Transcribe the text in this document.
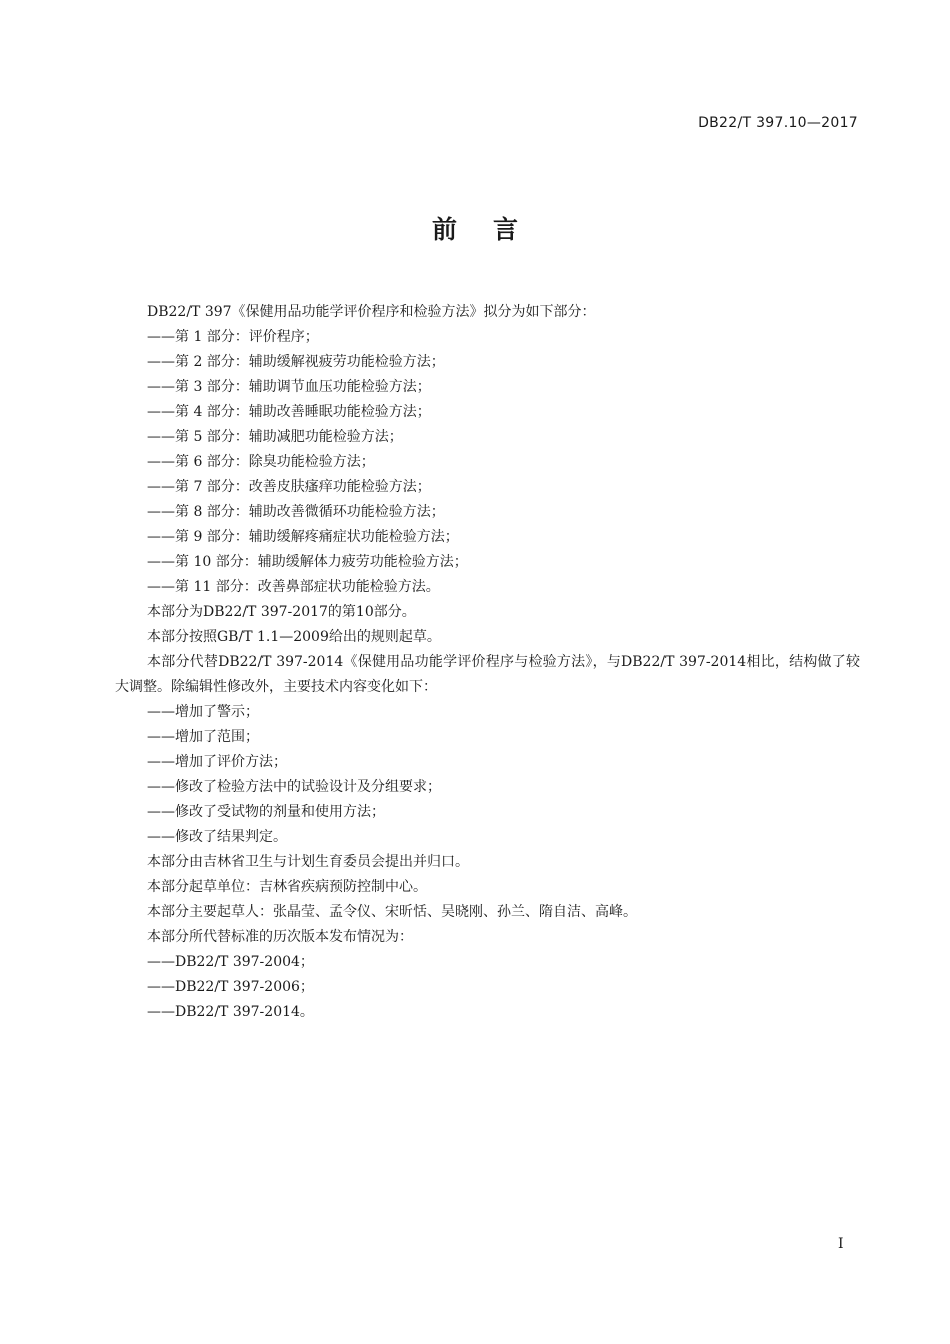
DB22/T 397.10—2017
前言

DB22/T 397《保健用品功能学评价程序和检验方法》拟分为如下部分：

——第 1 部分：评价程序；

——第 2 部分：辅助缓解视疲劳功能检验方法；

——第 3 部分：辅助调节血压功能检验方法；

——第 4 部分：辅助改善睡眠功能检验方法；

——第 5 部分：辅助减肥功能检验方法；

——第 6 部分：除臭功能检验方法；

——第 7 部分：改善皮肤瘙痒功能检验方法；

——第 8 部分：辅助改善微循环功能检验方法；

——第 9 部分：辅助缓解疼痛症状功能检验方法；

——第 10 部分：辅助缓解体力疲劳功能检验方法；

——第 11 部分：改善鼻部症状功能检验方法。

本部分为DB22/T 397-2017的第10部分。

本部分按照GB/T 1.1—2009给出的规则起草。

本部分代替DB22/T 397-2014《保健用品功能学评价程序与检验方法》，与DB22/T 397-2014相比，结构做了较大调整。除编辑性修改外，主要技术内容变化如下：

——增加了警示；

——增加了范围；

——增加了评价方法；

——修改了检验方法中的试验设计及分组要求；

——修改了受试物的剂量和使用方法；

——修改了结果判定。

本部分由吉林省卫生与计划生育委员会提出并归口。

本部分起草单位：吉林省疾病预防控制中心。

本部分主要起草人：张晶莹、孟令仪、宋昕恬、吴晓刚、孙兰、隋自洁、高峰。

本部分所代替标准的历次版本发布情况为：

——DB22/T 397-2004；

——DB22/T 397-2006；

——DB22/T 397-2014。

I
